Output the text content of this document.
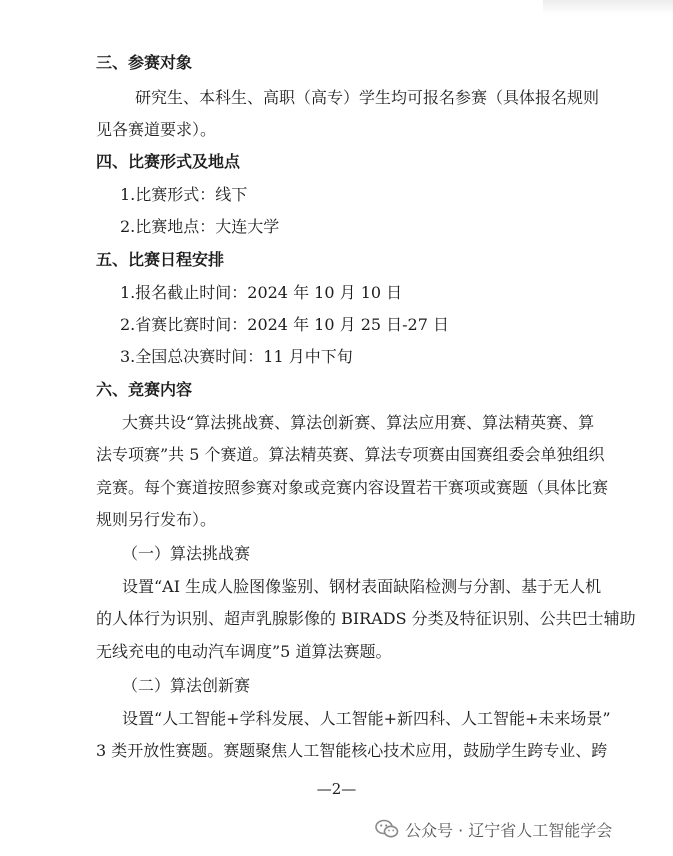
三、参赛对象
研究生、本科生、高职（高专）学生均可报名参赛（具体报名规则
见各赛道要求）。
四、比赛形式及地点
1.比赛形式：线下
2.比赛地点：大连大学
五、比赛日程安排
1.报名截止时间：2024 年 10 月 10 日
2.省赛比赛时间：2024 年 10 月 25 日-27 日
3.全国总决赛时间：11 月中下旬
六、竞赛内容
大赛共设“算法挑战赛、算法创新赛、算法应用赛、算法精英赛、算
法专项赛”共 5 个赛道。算法精英赛、算法专项赛由国赛组委会单独组织
竞赛。每个赛道按照参赛对象或竞赛内容设置若干赛项或赛题（具体比赛
规则另行发布）。
（一）算法挑战赛
设置“AI 生成人脸图像鉴别、钢材表面缺陷检测与分割、基于无人机
的人体行为识别、超声乳腺影像的 BIRADS 分类及特征识别、公共巴士辅助
无线充电的电动汽车调度”5 道算法赛题。
（二）算法创新赛
设置“人工智能+学科发展、人工智能+新四科、人工智能+未来场景”
3 类开放性赛题。赛题聚焦人工智能核心技术应用，鼓励学生跨专业、跨
—2—
公众号 · 辽宁省人工智能学会
